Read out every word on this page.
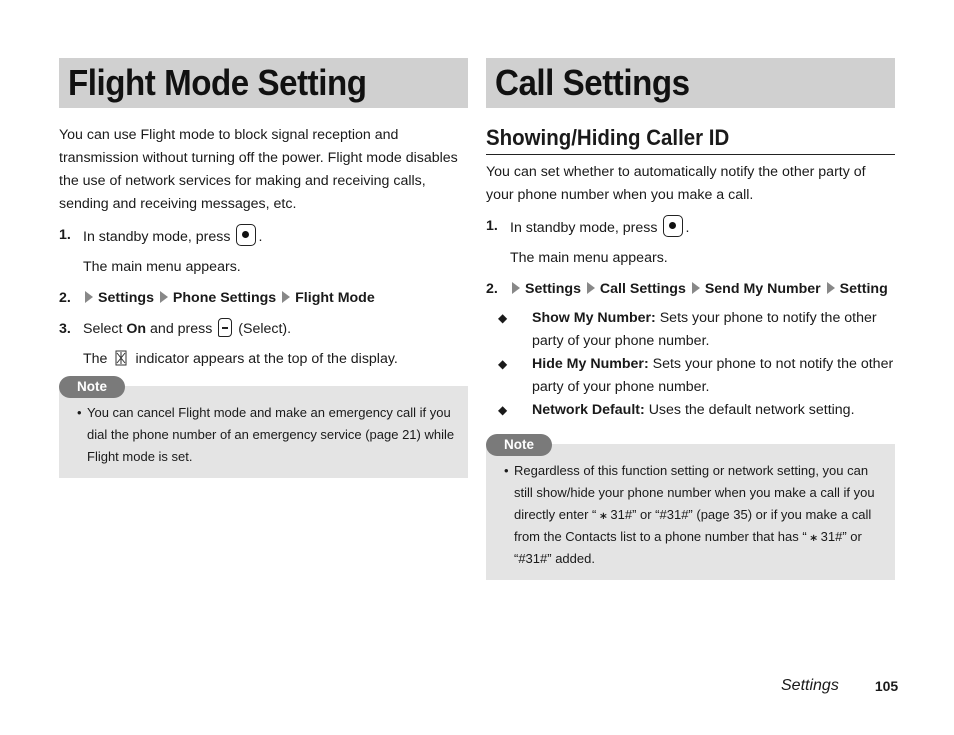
Flight Mode Setting

You can use Flight mode to block signal reception and transmission without turning off the power. Flight mode disables the use of network services for making and receiving calls, sending and receiving messages, etc.

1. In standby mode, press .
The main menu appears.
2.	Settings Phone Settings Flight Mode
3. Select On and press (Select).
The indicator appears at the top of the display.
Note
• You can cancel Flight mode and make an emergency call if you dial the phone number of an emergency service (page 21) while Flight mode is set.
Call Settings
Showing/Hiding Caller ID

You can set whether to automatically notify the other party of your phone number when you make a call.

1. In standby mode, press .
The main menu appears.
2.	Settings Call Settings Send My Number Setting
◆	Show My Number: Sets your phone to notify the other party of your phone number.
◆	Hide My Number: Sets your phone to not notify the other party of your phone number.
◆	Network Default: Uses the default network setting.
Note
• Regardless of this function setting or network setting, you can still show/hide your phone number when you make a call if you directly enter “ ⁎ 31#” or “#31#” (page 35) or if you make a call from the Contacts list to a phone number that has “ ⁎ 31#” or “#31#” added.
Settings	105
